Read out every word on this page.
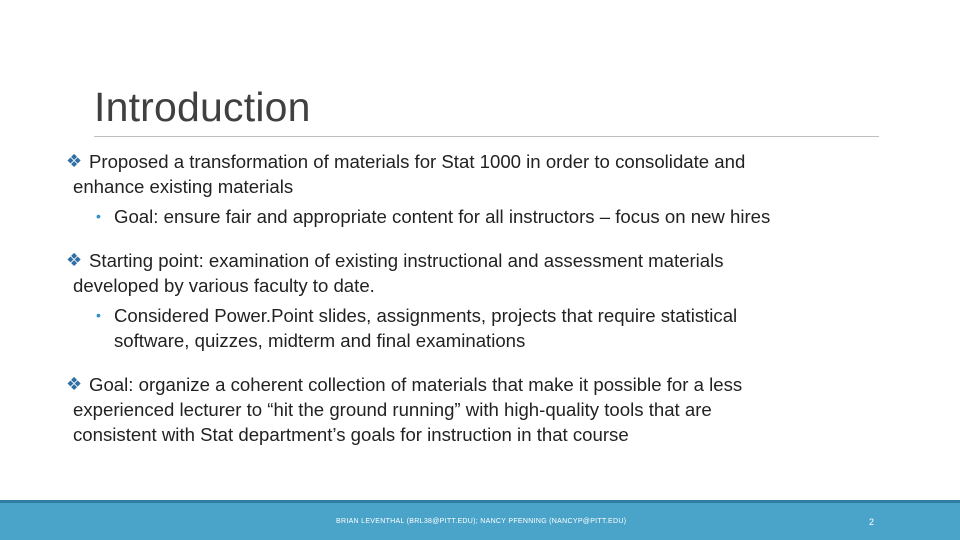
Introduction
❖ Proposed a transformation of materials for Stat 1000 in order to consolidate and
enhance existing materials
• Goal: ensure fair and appropriate content for all instructors – focus on new hires
❖ Starting point: examination of existing instructional and assessment materials
developed by various faculty to date.
• Considered Power.Point slides, assignments, projects that require statistical
software, quizzes, midterm and final examinations
❖ Goal: organize a coherent collection of materials that make it possible for a less
experienced lecturer to “hit the ground running” with high-quality tools that are
consistent with Stat department’s goals for instruction in that course
BRIAN LEVENTHAL (BRL38@PITT.EDU); NANCY PFENNING (NANCYP@PITT.EDU)	2
